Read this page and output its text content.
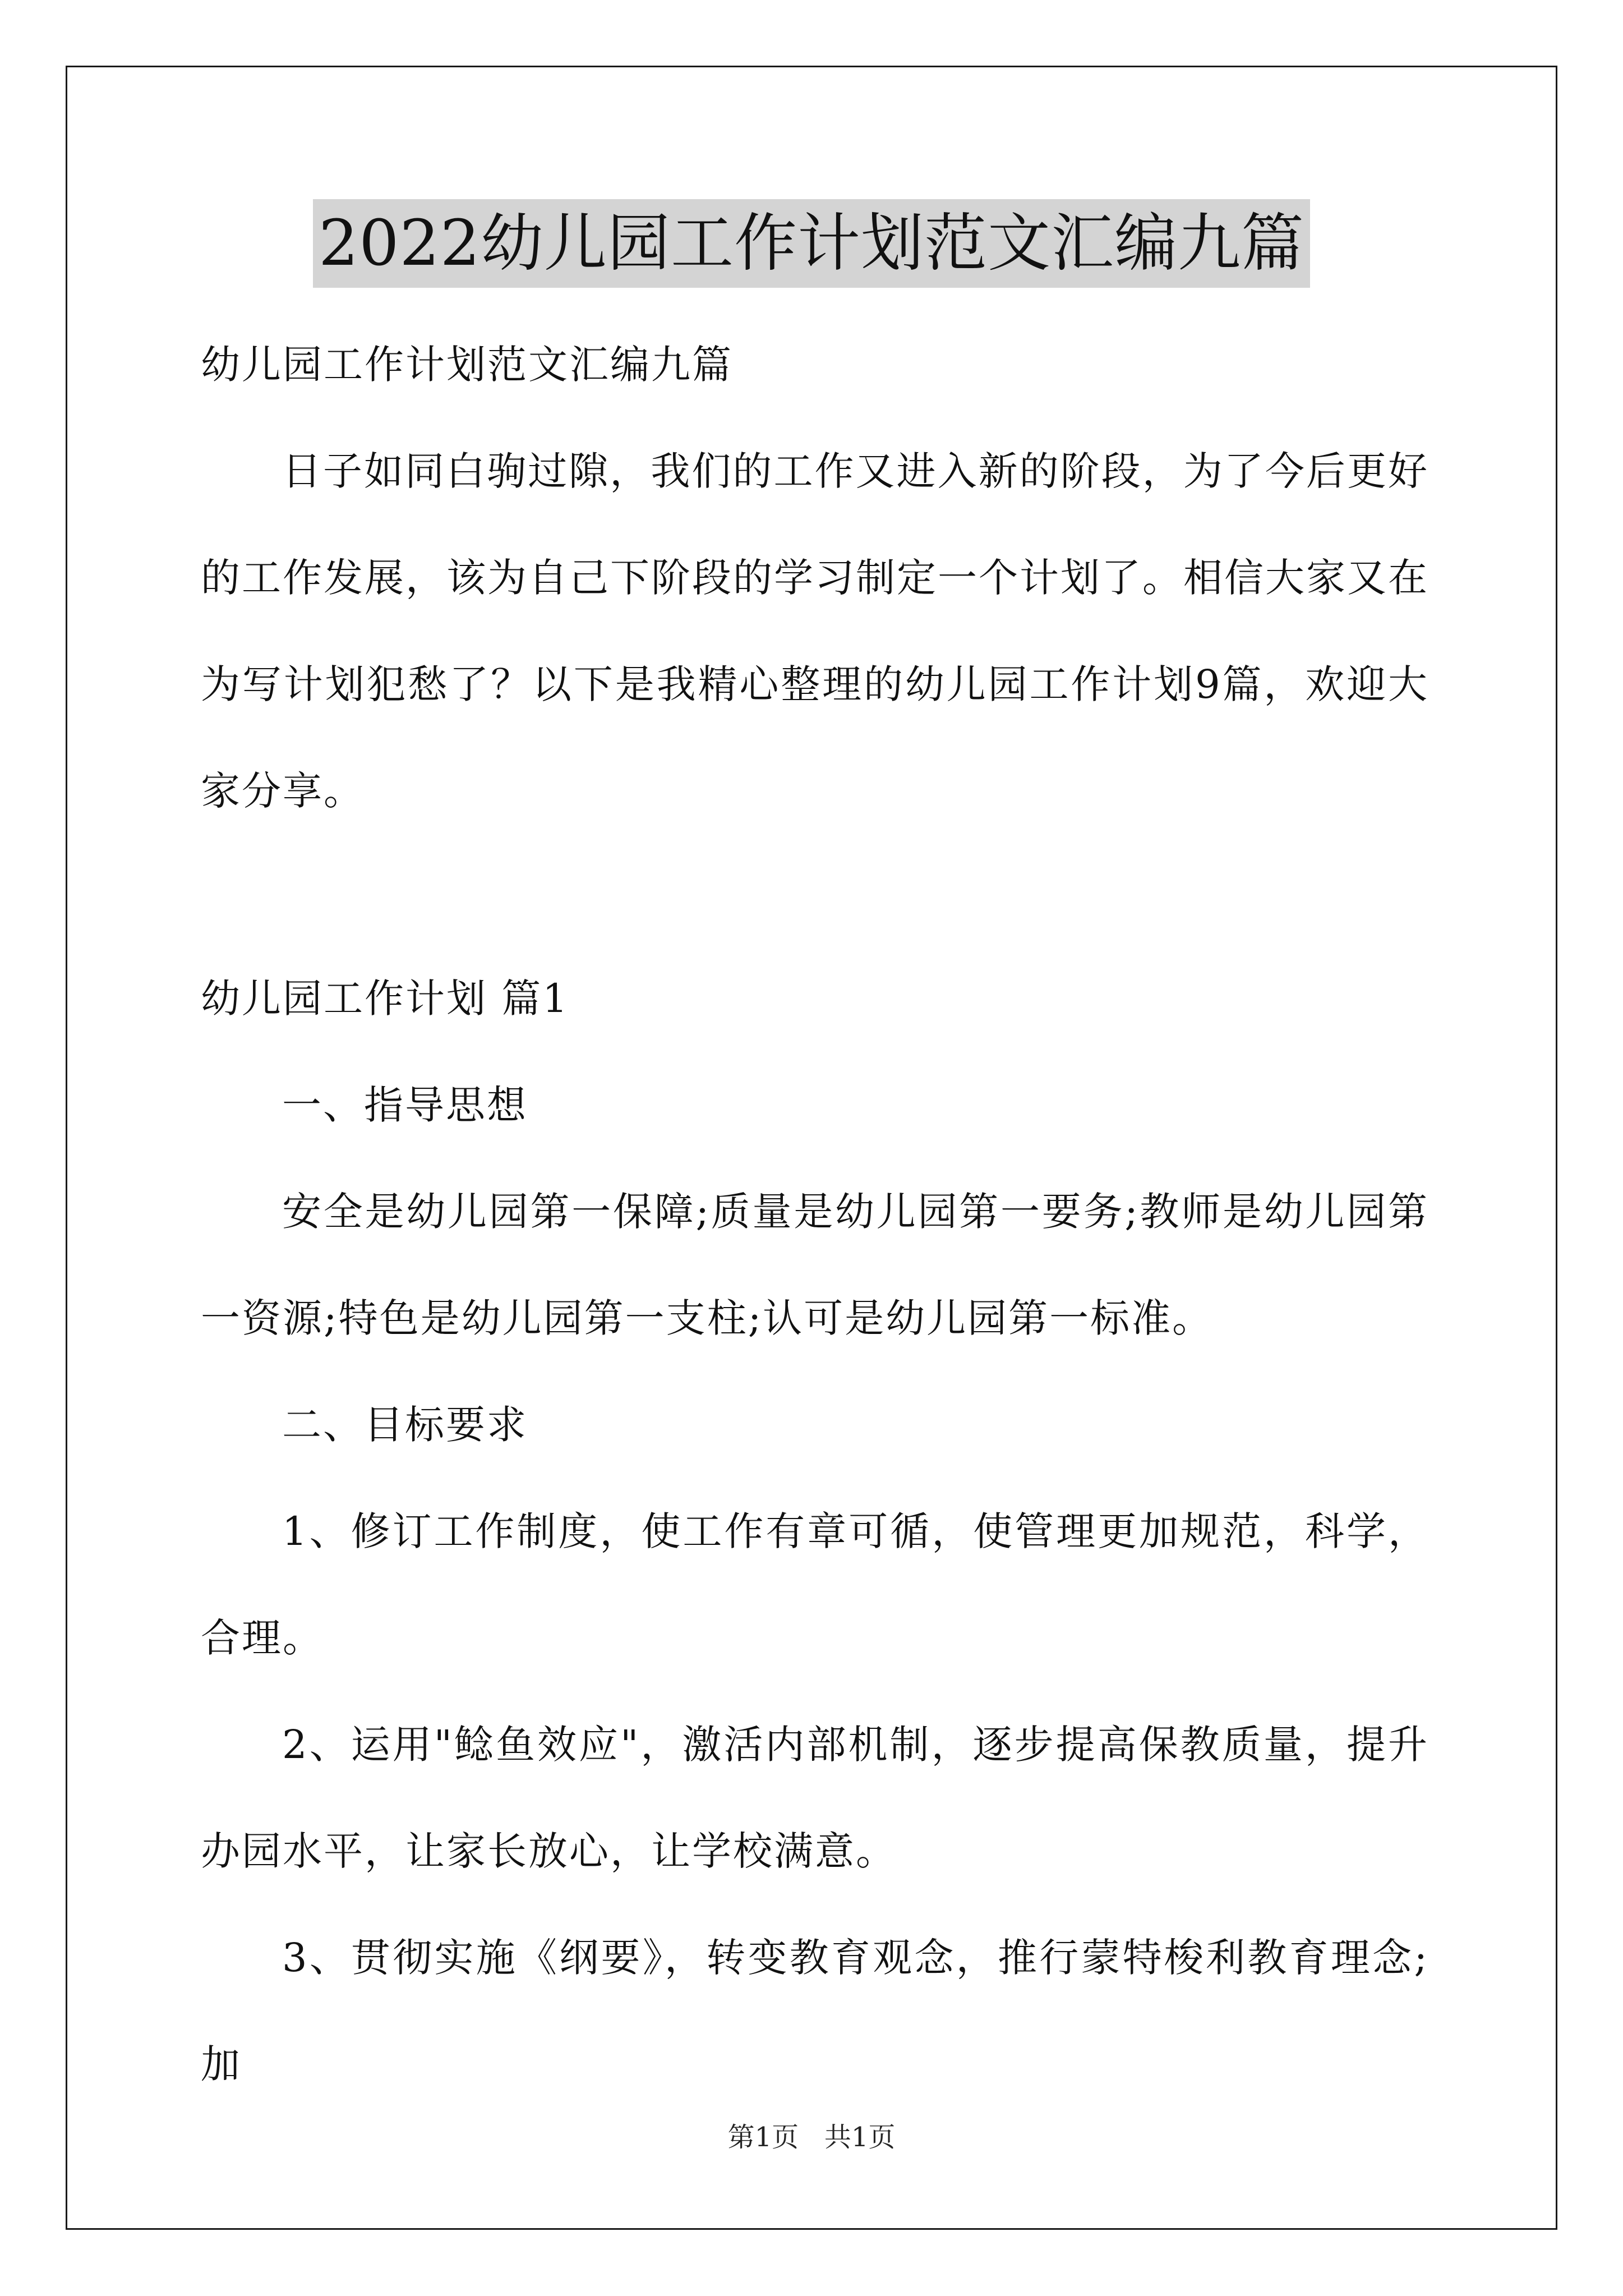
2022幼儿园工作计划范文汇编九篇

幼儿园工作计划范文汇编九篇

日子如同白驹过隙，我们的工作又进入新的阶段，为了今后更好的工作发展，该为自己下阶段的学习制定一个计划了。相信大家又在为写计划犯愁了？以下是我精心整理的幼儿园工作计划9篇，欢迎大家分享。

幼儿园工作计划 篇1

一、指导思想

安全是幼儿园第一保障;质量是幼儿园第一要务;教师是幼儿园第一资源;特色是幼儿园第一支柱;认可是幼儿园第一标准。

二、目标要求

1、修订工作制度，使工作有章可循，使管理更加规范，科学，合理。

2、运用"鲶鱼效应"，激活内部机制，逐步提高保教质量，提升办园水平，让家长放心，让学校满意。

3、贯彻实施《纲要》，转变教育观念，推行蒙特梭利教育理念;加

第1页   共1页
